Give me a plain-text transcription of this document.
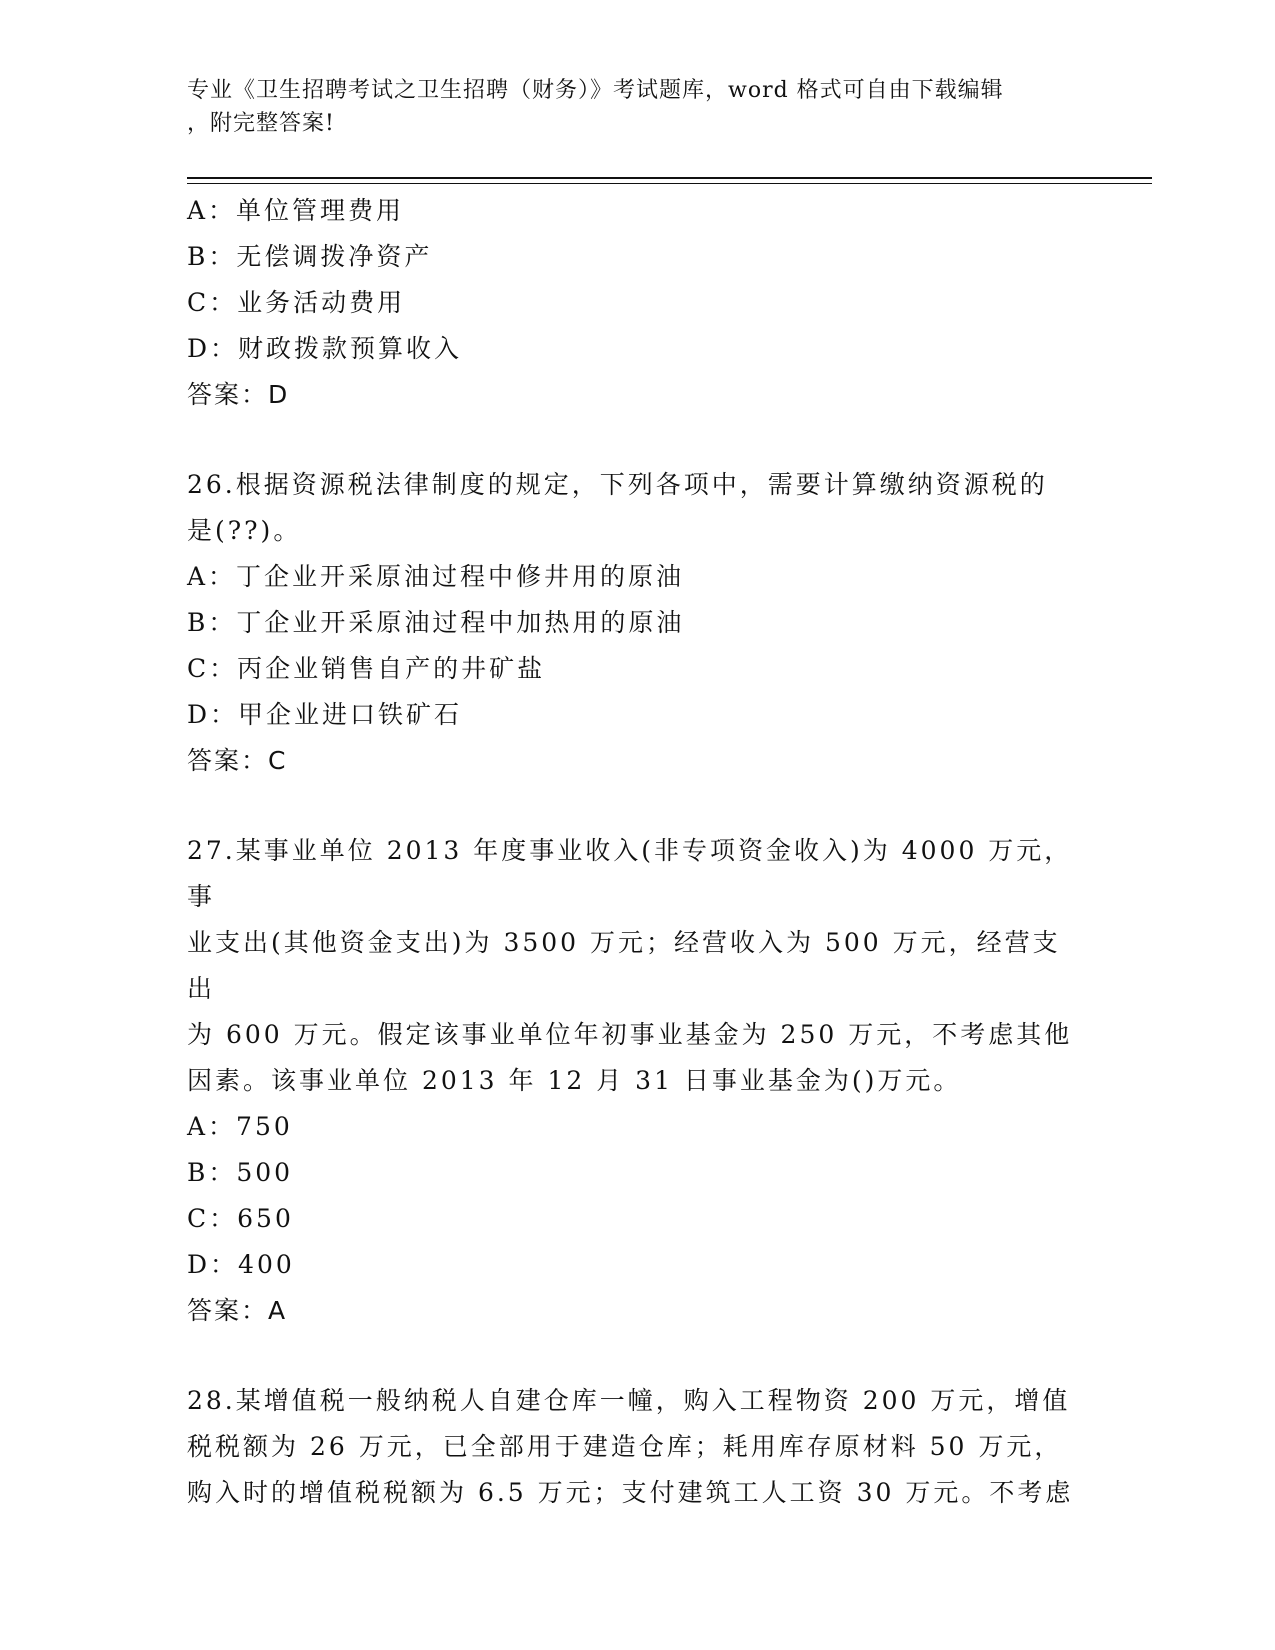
专业《卫生招聘考试之卫生招聘（财务）》考试题库，word 格式可自由下载编辑
，附完整答案!
A：单位管理费用
B：无偿调拨净资产
C：业务活动费用
D：财政拨款预算收入
答案：D
26.根据资源税法律制度的规定，下列各项中，需要计算缴纳资源税的
是(??)。
A：丁企业开采原油过程中修井用的原油
B：丁企业开采原油过程中加热用的原油
C：丙企业销售自产的井矿盐
D：甲企业进口铁矿石
答案：C
27.某事业单位 2013 年度事业收入(非专项资金收入)为 4000 万元，事
业支出(其他资金支出)为 3500 万元；经营收入为 500 万元，经营支出
为 600 万元。假定该事业单位年初事业基金为 250 万元，不考虑其他
因素。该事业单位 2013 年 12 月 31 日事业基金为()万元。
A：750
B：500
C：650
D：400
答案：A
28.某增值税一般纳税人自建仓库一幢，购入工程物资 200 万元，增值
税税额为 26 万元，已全部用于建造仓库；耗用库存原材料 50 万元，
购入时的增值税税额为 6.5 万元；支付建筑工人工资 30 万元。不考虑
